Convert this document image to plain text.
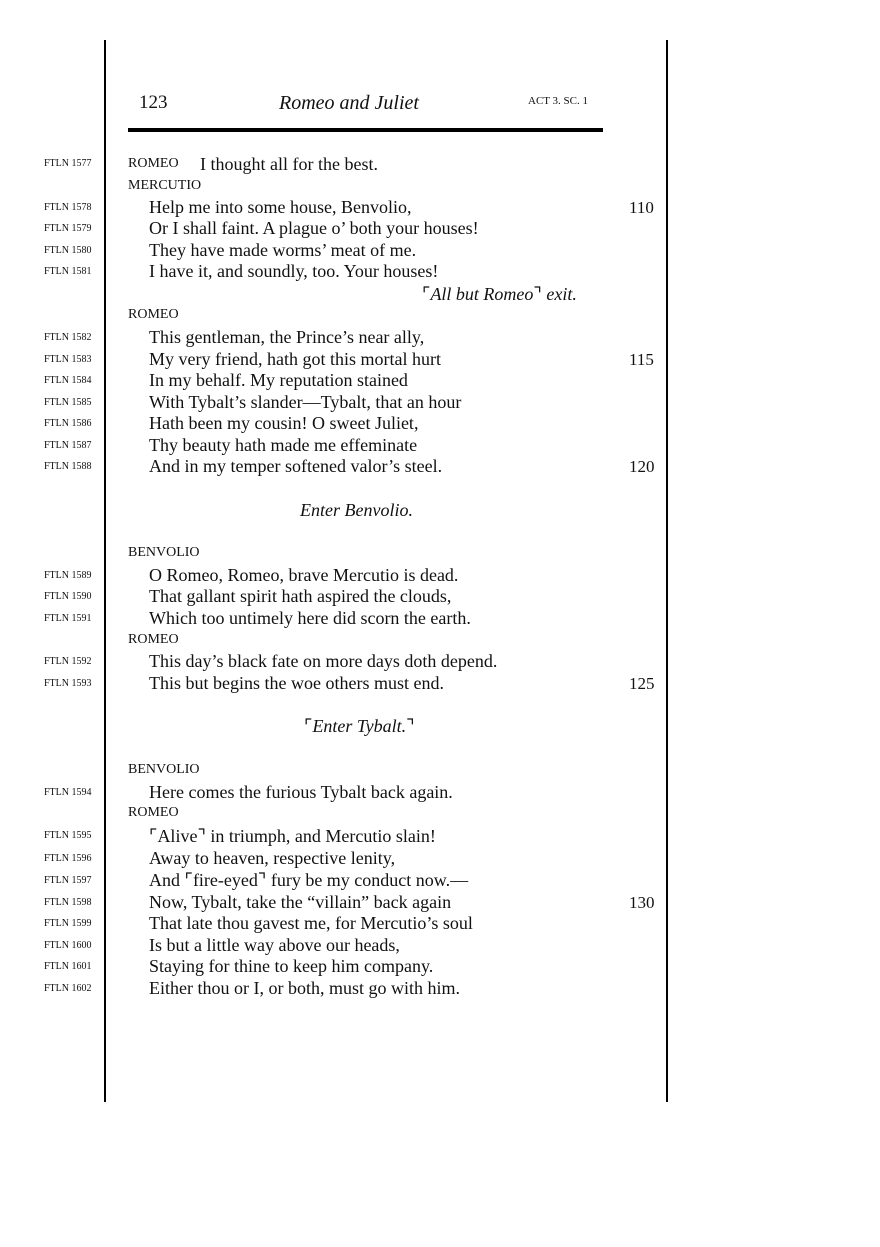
123	Romeo and Juliet	ACT 3. SC. 1
FTLN 1577	ROMEO I thought all for the best.
MERCUTIO
FTLN 1578	Help me into some house, Benvolio,	110
FTLN 1579	Or I shall faint. A plague o’ both your houses!
FTLN 1580	They have made worms’ meat of me.
FTLN 1581	I have it, and soundly, too. Your houses!
⌜All but Romeo⌝ exit.
ROMEO
FTLN 1582	This gentleman, the Prince’s near ally,
FTLN 1583	My very friend, hath got this mortal hurt	115
FTLN 1584	In my behalf. My reputation stained
FTLN 1585	With Tybalt’s slander—Tybalt, that an hour
FTLN 1586	Hath been my cousin! O sweet Juliet,
FTLN 1587	Thy beauty hath made me effeminate
FTLN 1588	And in my temper softened valor’s steel.	120
Enter Benvolio.
BENVOLIO
FTLN 1589	O Romeo, Romeo, brave Mercutio is dead.
FTLN 1590	That gallant spirit hath aspired the clouds,
FTLN 1591	Which too untimely here did scorn the earth.
ROMEO
FTLN 1592	This day’s black fate on more days doth depend.
FTLN 1593	This but begins the woe others must end.	125
⌜Enter Tybalt.⌝
BENVOLIO
FTLN 1594	Here comes the furious Tybalt back again.
ROMEO
FTLN 1595	⌜Alive⌝ in triumph, and Mercutio slain!
FTLN 1596	Away to heaven, respective lenity,
FTLN 1597	And ⌜fire-eyed⌝ fury be my conduct now.—
FTLN 1598	Now, Tybalt, take the “villain” back again	130
FTLN 1599	That late thou gavest me, for Mercutio’s soul
FTLN 1600	Is but a little way above our heads,
FTLN 1601	Staying for thine to keep him company.
FTLN 1602	Either thou or I, or both, must go with him.
